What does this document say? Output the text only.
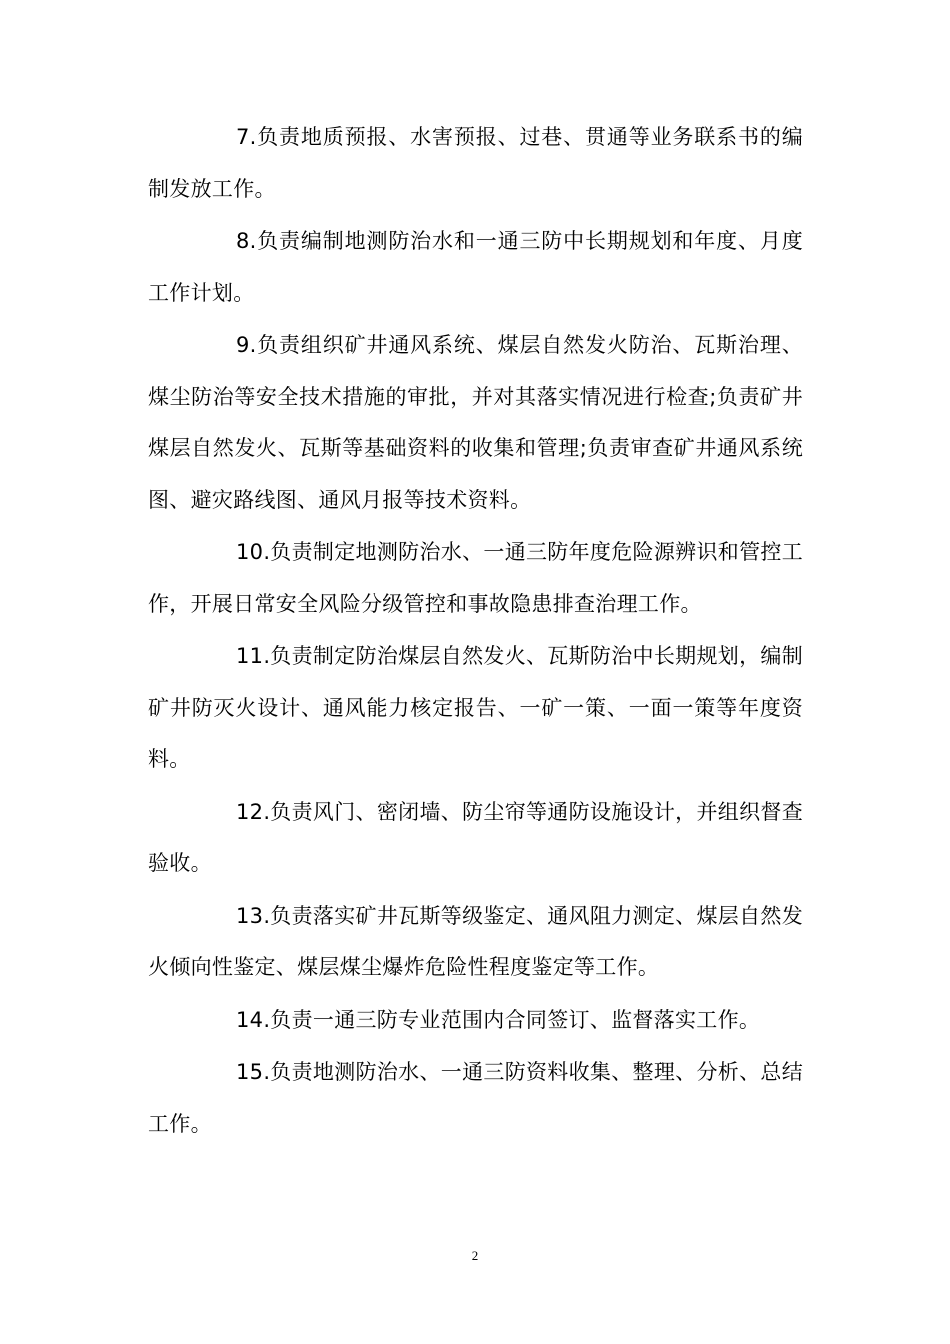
7.负责地质预报、水害预报、过巷、贯通等业务联系书的编制发放工作。

8.负责编制地测防治水和一通三防中长期规划和年度、月度工作计划。

9.负责组织矿井通风系统、煤层自然发火防治、瓦斯治理、煤尘防治等安全技术措施的审批，并对其落实情况进行检查;负责矿井煤层自然发火、瓦斯等基础资料的收集和管理;负责审查矿井通风系统图、避灾路线图、通风月报等技术资料。

10.负责制定地测防治水、一通三防年度危险源辨识和管控工作，开展日常安全风险分级管控和事故隐患排查治理工作。

11.负责制定防治煤层自然发火、瓦斯防治中长期规划，编制矿井防灭火设计、通风能力核定报告、一矿一策、一面一策等年度资料。

12.负责风门、密闭墙、防尘帘等通防设施设计，并组织督查验收。

13.负责落实矿井瓦斯等级鉴定、通风阻力测定、煤层自然发火倾向性鉴定、煤层煤尘爆炸危险性程度鉴定等工作。

14.负责一通三防专业范围内合同签订、监督落实工作。

15.负责地测防治水、一通三防资料收集、整理、分析、总结工作。

2
